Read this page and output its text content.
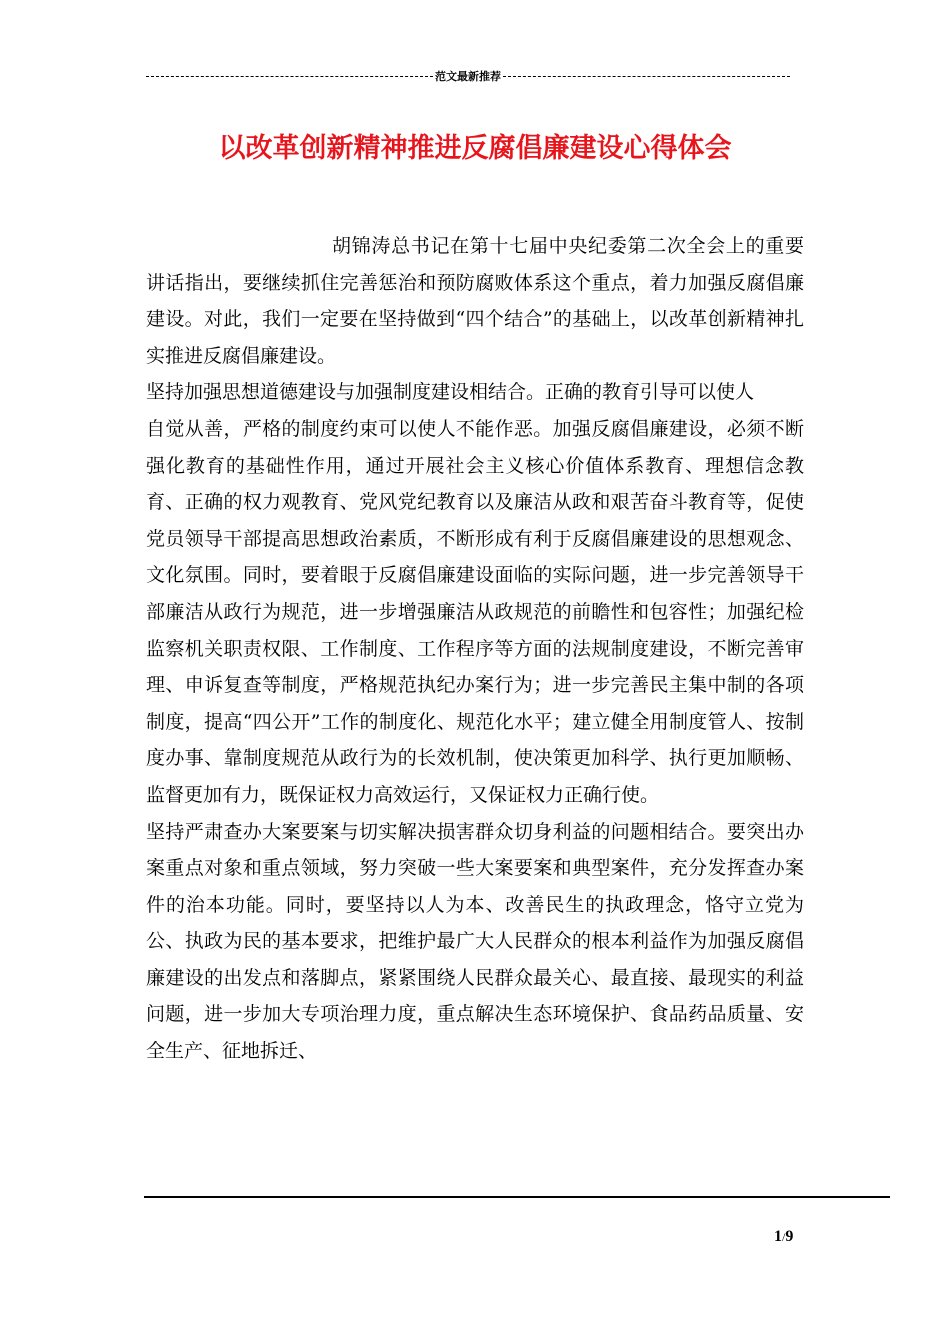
范文最新推荐
以改革创新精神推进反腐倡廉建设心得体会

胡锦涛总书记在第十七届中央纪委第二次全会上的重要讲话指出，要继续抓住完善惩治和预防腐败体系这个重点，着力加强反腐倡廉建设。对此，我们一定要在坚持做到“四个结合”的基础上，以改革创新精神扎实推进反腐倡廉建设。

坚持加强思想道德建设与加强制度建设相结合。正确的教育引导可以使人

自觉从善，严格的制度约束可以使人不能作恶。加强反腐倡廉建设，必须不断强化教育的基础性作用，通过开展社会主义核心价值体系教育、理想信念教育、正确的权力观教育、党风党纪教育以及廉洁从政和艰苦奋斗教育等，促使党员领导干部提高思想政治素质，不断形成有利于反腐倡廉建设的思想观念、文化氛围。同时，要着眼于反腐倡廉建设面临的实际问题，进一步完善领导干部廉洁从政行为规范，进一步增强廉洁从政规范的前瞻性和包容性；加强纪检监察机关职责权限、工作制度、工作程序等方面的法规制度建设，不断完善审理、申诉复查等制度，严格规范执纪办案行为；进一步完善民主集中制的各项制度，提高“四公开”工作的制度化、规范化水平；建立健全用制度管人、按制度办事、靠制度规范从政行为的长效机制，使决策更加科学、执行更加顺畅、监督更加有力，既保证权力高效运行，又保证权力正确行使。

坚持严肃查办大案要案与切实解决损害群众切身利益的问题相结合。要突出办案重点对象和重点领域，努力突破一些大案要案和典型案件，充分发挥查办案件的治本功能。同时，要坚持以人为本、改善民生的执政理念，恪守立党为公、执政为民的基本要求，把维护最广大人民群众的根本利益作为加强反腐倡廉建设的出发点和落脚点，紧紧围绕人民群众最关心、最直接、最现实的利益问题，进一步加大专项治理力度，重点解决生态环境保护、食品药品质量、安全生产、征地拆迁、

1/9
